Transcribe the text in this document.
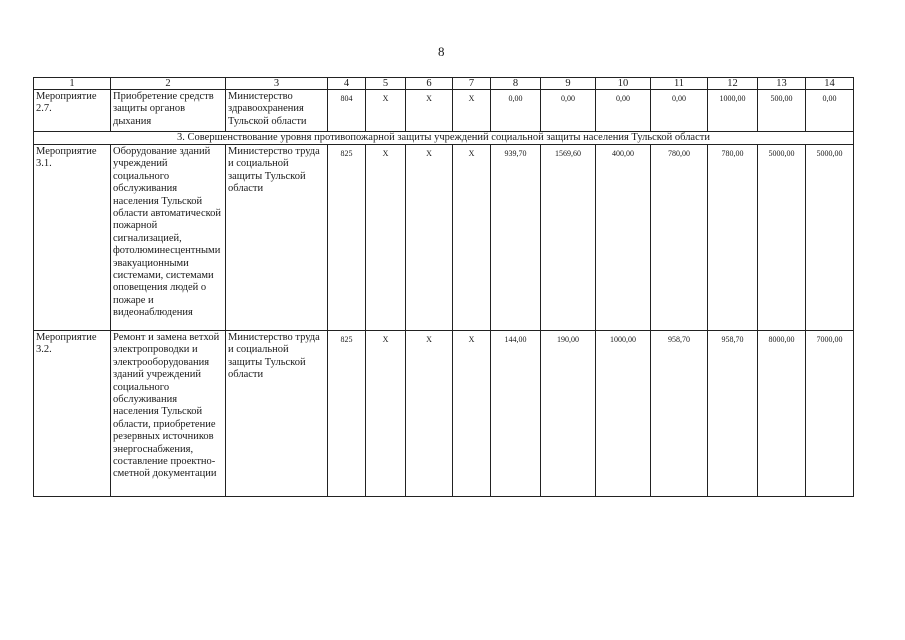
8
1	2	3	4	5	6	7	8	9	10	11	12	13	14
Мероприятие 2.7.	Приобретение средств защиты органов дыхания	Министерство здравоохранения Тульской области	804	X	X	X	0,00	0,00	0,00	0,00	1000,00	500,00	0,00
3. Совершенствование уровня противопожарной защиты учреждений социальной защиты населения Тульской области													
Мероприятие 3.1.	Оборудование зданий учреждений социального обслуживания населения Тульской области автоматической пожарной сигнализацией, фотолюминесцентными эвакуационными системами, системами оповещения людей о пожаре и видеонаблюдения	Министерство труда и социальной защиты Тульской области	825	X	X	X	939,70	1569,60	400,00	780,00	780,00	5000,00	5000,00
Мероприятие 3.2.	Ремонт и замена ветхой электропроводки и электрооборудования зданий учреждений социального обслуживания населения Тульской области, приобретение резервных источников энергоснабжения, составление проектно-сметной документации	Министерство труда и социальной защиты Тульской области	825	X	X	X	144,00	190,00	1000,00	958,70	958,70	8000,00	7000,00
